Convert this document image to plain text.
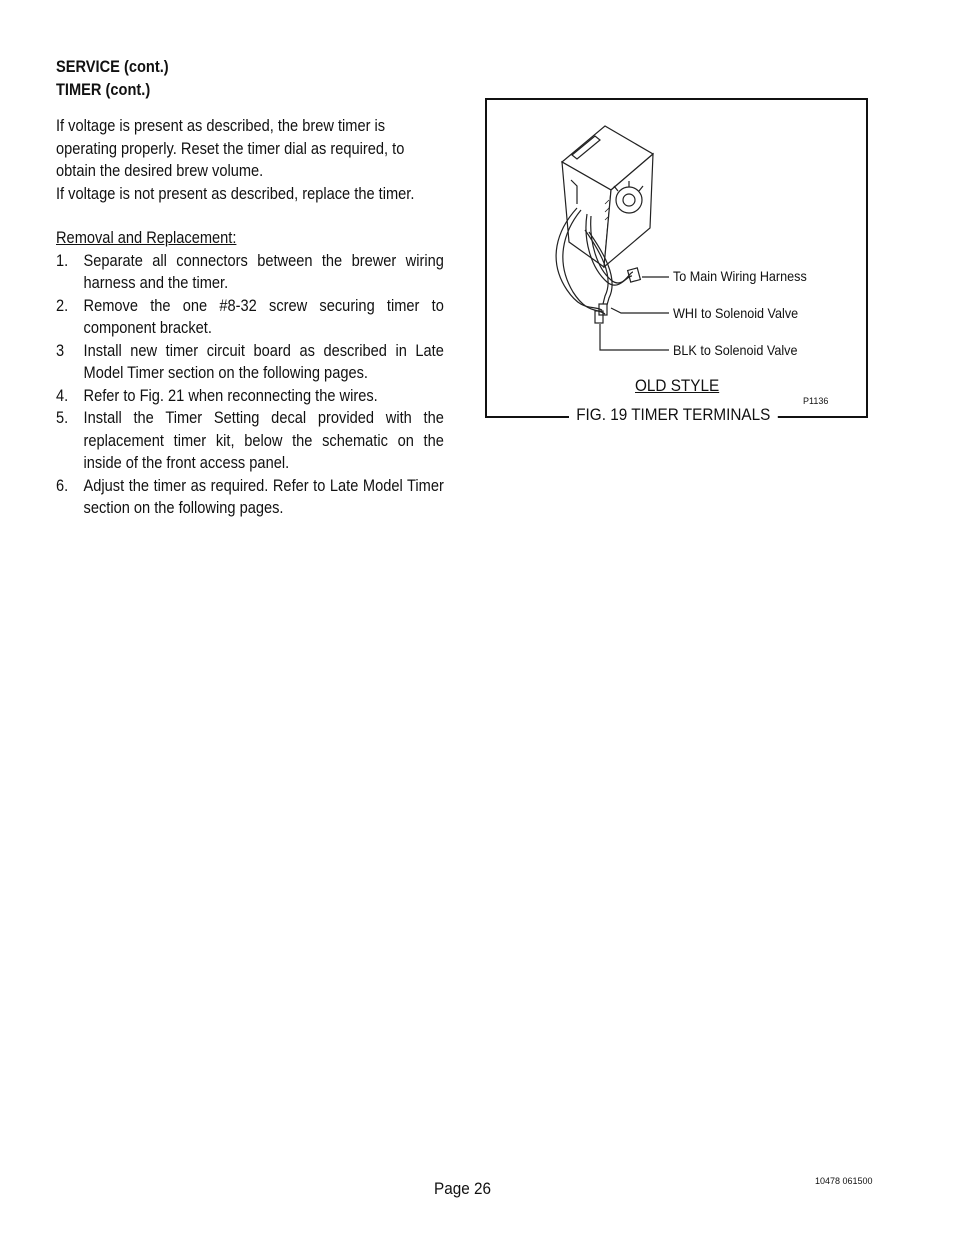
SERVICE (cont.)
TIMER (cont.)

If voltage is present as described, the brew timer is operating properly. Reset the timer dial as required, to obtain the desired brew volume.

If voltage is not present as described, replace the timer.

Removal and Replacement:
1. Separate all connectors between the brewer wiring harness and the timer.
2. Remove the one #8-32 screw securing timer to component bracket.
3 Install new timer circuit board as described in Late Model Timer section on the following pages.
4. Refer to Fig. 21 when reconnecting the wires.
5. Install the Timer Setting decal provided with the replacement timer kit, below the schematic on the inside of the front access panel.
6. Adjust the timer as required. Refer to Late Model Timer section on the following pages.
To Main Wiring Harness
WHI to Solenoid Valve
BLK to Solenoid Valve
OLD STYLE
P1136
FIG. 19 TIMER TERMINALS
Page 26	10478 061500
